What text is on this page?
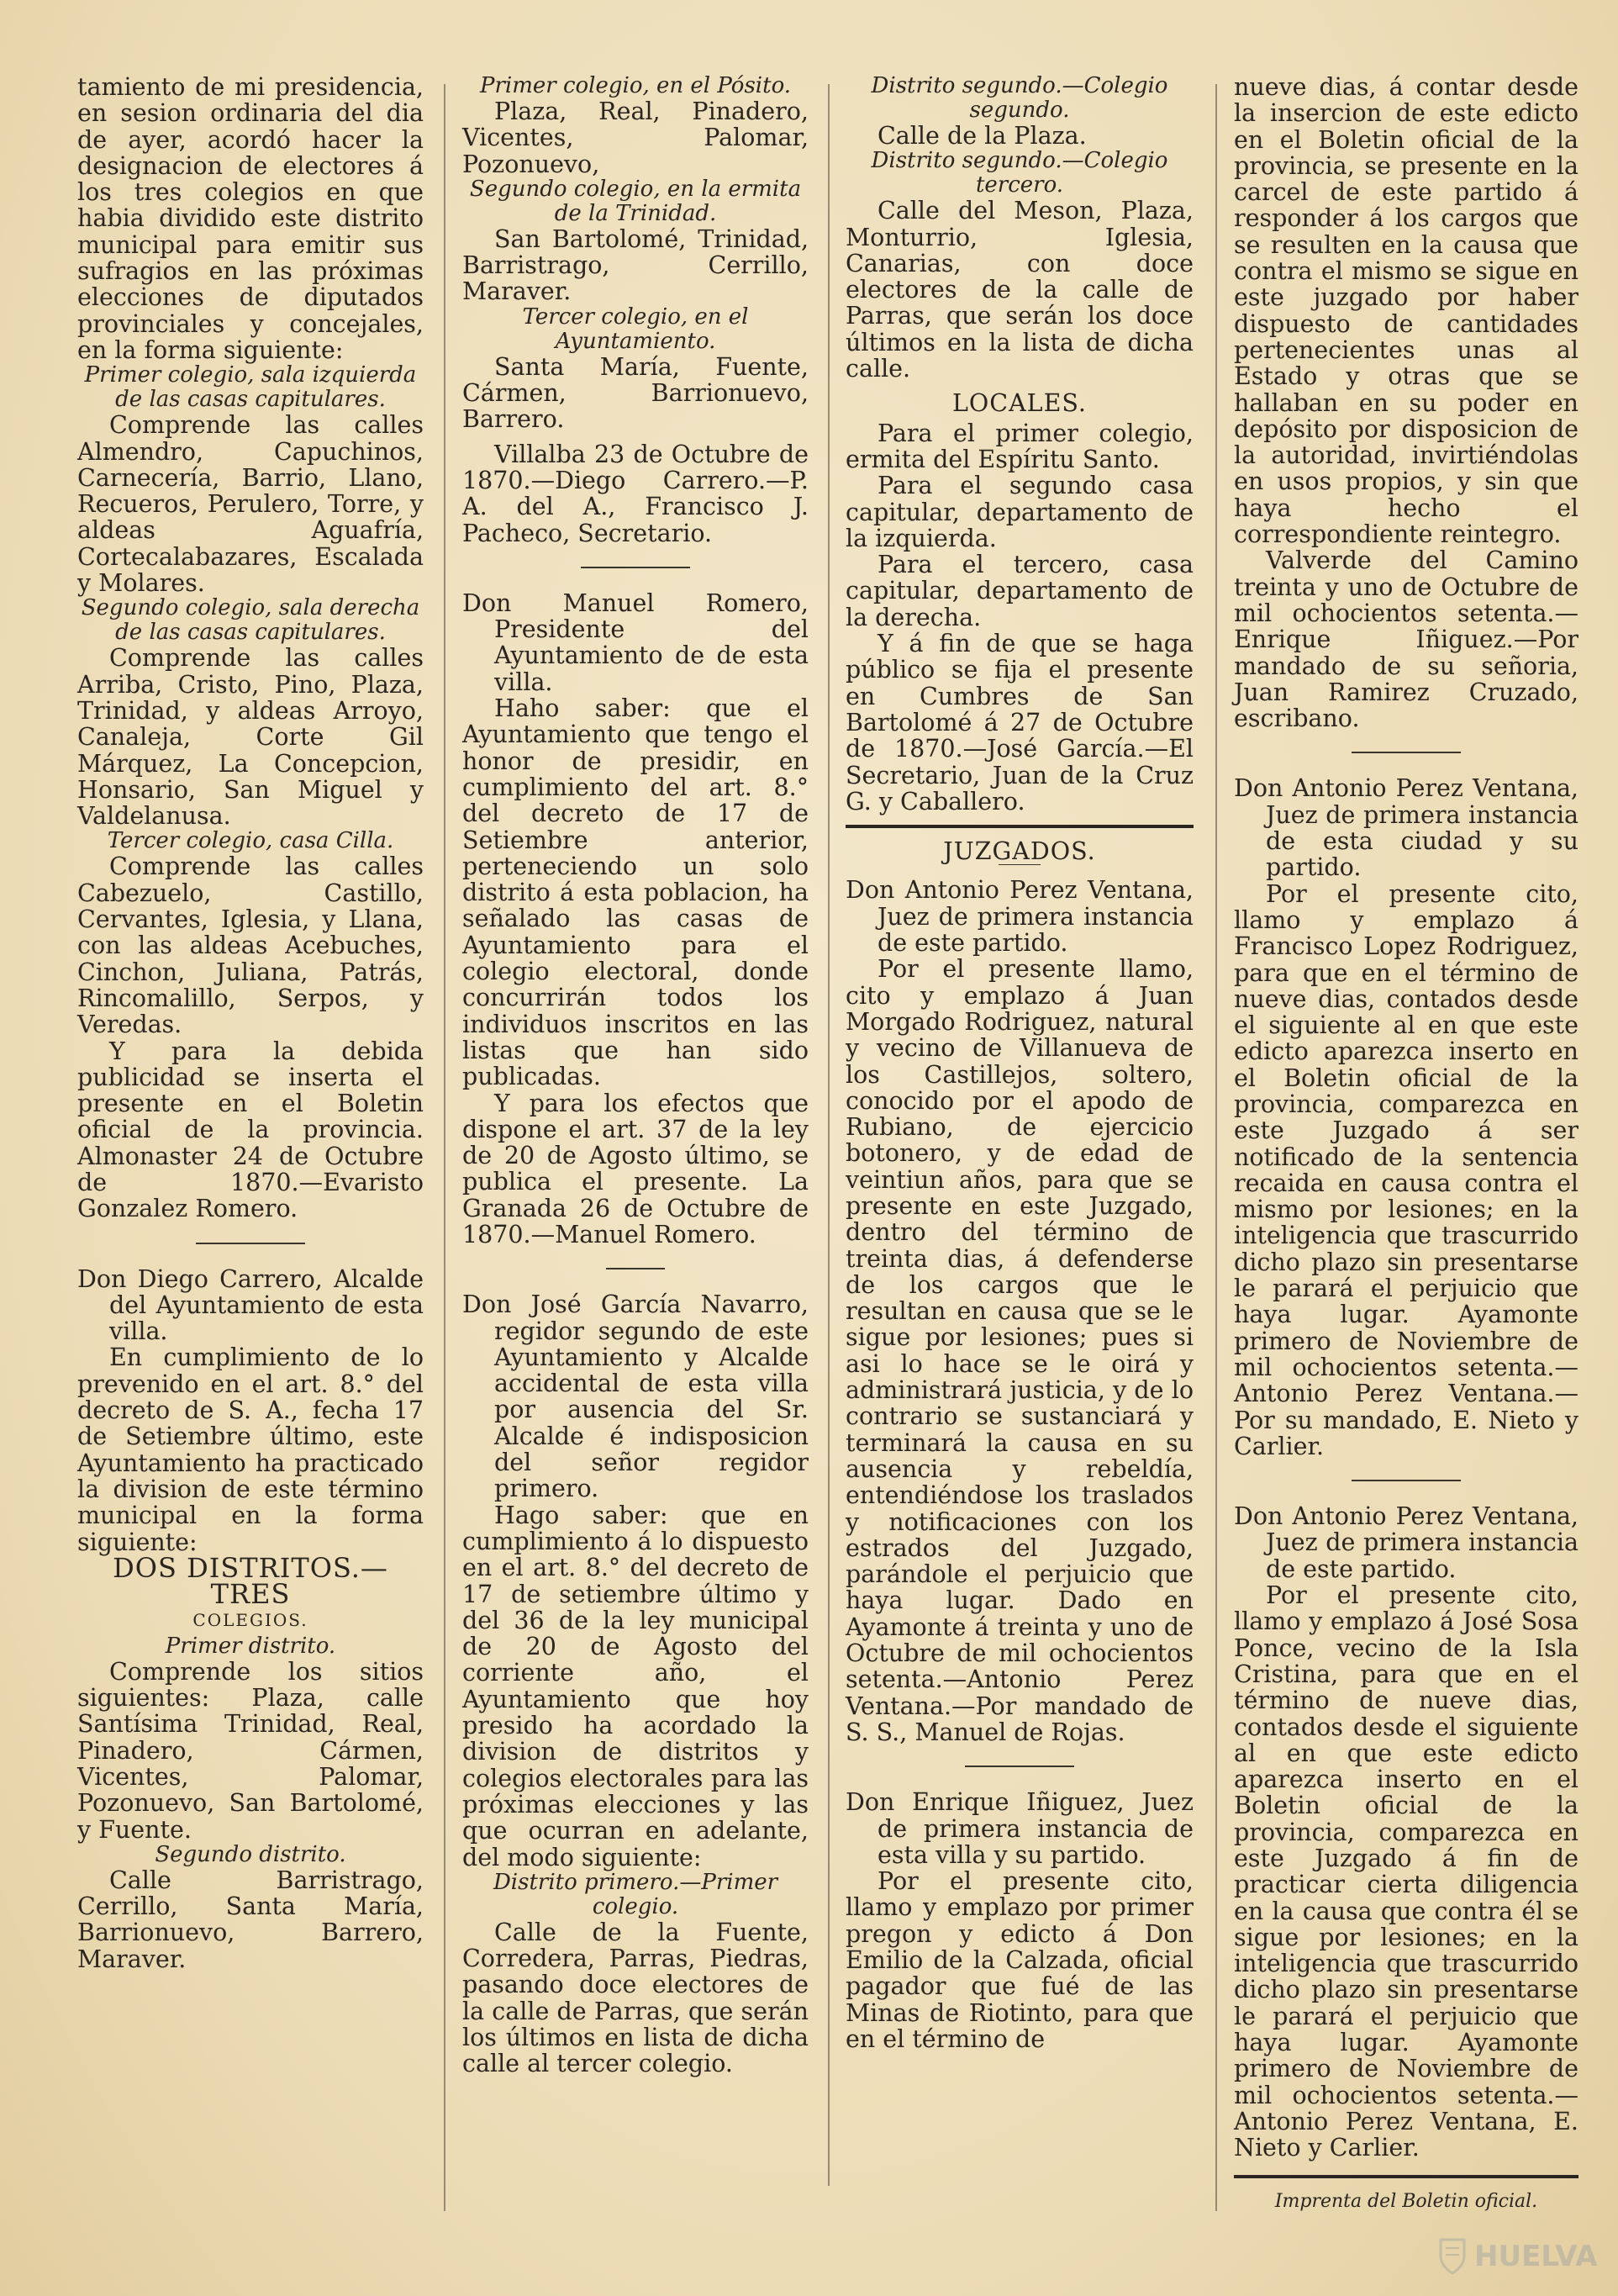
tamiento de mi presidencia, en sesion ordinaria del dia de ayer, acordó hacer la designacion de electores á los tres colegios en que habia dividido este distrito municipal para emitir sus sufragios en las próximas elecciones de diputados provinciales y concejales, en la forma siguiente:

Primer colegio, sala izquierda de las casas capitulares.

Comprende las calles Almendro, Capuchinos, Carnecería, Barrio, Llano, Recueros, Perulero, Torre, y aldeas Aguafría, Cortecalabazares, Escalada y Molares.

Segundo colegio, sala derecha de las casas capitulares.

Comprende las calles Arriba, Cristo, Pino, Plaza, Trinidad, y aldeas Arroyo, Canaleja, Corte Gil Márquez, La Concepcion, Honsario, San Miguel y Valdelanusa.

Tercer colegio, casa Cilla.

Comprende las calles Cabezuelo, Castillo, Cervantes, Iglesia, y Llana, con las aldeas Acebuches, Cinchon, Juliana, Patrás, Rincomalillo, Serpos, y Veredas.

Y para la debida publicidad se inserta el presente en el Boletin oficial de la provincia. Almonaster 24 de Octubre de 1870.—Evaristo Gonzalez Romero.

Don Diego Carrero, Alcalde del Ayuntamiento de esta villa.

En cumplimiento de lo prevenido en el art. 8.° del decreto de S. A., fecha 17 de Setiembre último, este Ayuntamiento ha practicado la division de este término municipal en la forma siguiente:

DOS DISTRITOS.—TRES

COLEGIOS.

Primer distrito.

Comprende los sitios siguientes: Plaza, calle Santísima Trinidad, Real, Pinadero, Cármen, Vicentes, Palomar, Pozonuevo, San Bartolomé, y Fuente.

Segundo distrito.

Calle Barristrago, Cerrillo, Santa María, Barrionuevo, Barrero, Maraver.

Primer colegio, en el Pósito.

Plaza, Real, Pinadero, Vicentes, Palomar, Pozonuevo,

Segundo colegio, en la ermita de la Trinidad.

San Bartolomé, Trinidad, Barristrago, Cerrillo, Maraver.

Tercer colegio, en el Ayuntamiento.

Santa María, Fuente, Cármen, Barrionuevo, Barrero.

Villalba 23 de Octubre de 1870.—Diego Carrero.—P. A. del A., Francisco J. Pacheco, Secretario.

Don Manuel Romero, Presidente del Ayuntamiento de de esta villa.

Haho saber: que el Ayuntamiento que tengo el honor de presidir, en cumplimiento del art. 8.° del decreto de 17 de Setiembre anterior, perteneciendo un solo distrito á esta poblacion, ha señalado las casas de Ayuntamiento para el colegio electoral, donde concurrirán todos los individuos inscritos en las listas que han sido publicadas.

Y para los efectos que dispone el art. 37 de la ley de 20 de Agosto último, se publica el presente. La Granada 26 de Octubre de 1870.—Manuel Romero.

Don José García Navarro, regidor segundo de este Ayuntamiento y Alcalde accidental de esta villa por ausencia del Sr. Alcalde é indisposicion del señor regidor primero.

Hago saber: que en cumplimiento á lo dispuesto en el art. 8.° del decreto de 17 de setiembre último y del 36 de la ley municipal de 20 de Agosto del corriente año, el Ayuntamiento que hoy presido ha acordado la division de distritos y colegios electorales para las próximas elecciones y las que ocurran en adelante, del modo siguiente:

Distrito primero.—Primer colegio.

Calle de la Fuente, Corredera, Parras, Piedras, pasando doce electores de la calle de Parras, que serán los últimos en lista de dicha calle al tercer colegio.

Distrito segundo.—Colegio segundo.

Calle de la Plaza.

Distrito segundo.—Colegio tercero.

Calle del Meson, Plaza, Monturrio, Iglesia, Canarias, con doce electores de la calle de Parras, que serán los doce últimos en la lista de dicha calle.

LOCALES.

Para el primer colegio, ermita del Espíritu Santo.

Para el segundo casa capitular, departamento de la izquierda.

Para el tercero, casa capitular, departamento de la derecha.

Y á fin de que se haga público se fija el presente en Cumbres de San Bartolomé á 27 de Octubre de 1870.—José García.—El Secretario, Juan de la Cruz G. y Caballero.

JUZGADOS.

Don Antonio Perez Ventana, Juez de primera instancia de este partido.

Por el presente llamo, cito y emplazo á Juan Morgado Rodriguez, natural y vecino de Villanueva de los Castillejos, soltero, conocido por el apodo de Rubiano, de ejercicio botonero, y de edad de veintiun años, para que se presente en este Juzgado, dentro del término de treinta dias, á defenderse de los cargos que le resultan en causa que se le sigue por lesiones; pues si asi lo hace se le oirá y administrará justicia, y de lo contrario se sustanciará y terminará la causa en su ausencia y rebeldía, entendiéndose los traslados y notificaciones con los estrados del Juzgado, parándole el perjuicio que haya lugar. Dado en Ayamonte á treinta y uno de Octubre de mil ochocientos setenta.—Antonio Perez Ventana.—Por mandado de S. S., Manuel de Rojas.

Don Enrique Iñiguez, Juez de primera instancia de esta villa y su partido.

Por el presente cito, llamo y emplazo por primer pregon y edicto á Don Emilio de la Calzada, oficial pagador que fué de las Minas de Riotinto, para que en el término de

nueve dias, á contar desde la insercion de este edicto en el Boletin oficial de la provincia, se presente en la carcel de este partido á responder á los cargos que se resulten en la causa que contra el mismo se sigue en este juzgado por haber dispuesto de cantidades pertenecientes unas al Estado y otras que se hallaban en su poder en depósito por disposicion de la autoridad, invirtiéndolas en usos propios, y sin que haya hecho el correspondiente reintegro.

Valverde del Camino treinta y uno de Octubre de mil ochocientos setenta.—Enrique Iñiguez.—Por mandado de su señoria, Juan Ramirez Cruzado, escribano.

Don Antonio Perez Ventana, Juez de primera instancia de esta ciudad y su partido.

Por el presente cito, llamo y emplazo á Francisco Lopez Rodriguez, para que en el término de nueve dias, contados desde el siguiente al en que este edicto aparezca inserto en el Boletin oficial de la provincia, comparezca en este Juzgado á ser notificado de la sentencia recaida en causa contra el mismo por lesiones; en la inteligencia que trascurrido dicho plazo sin presentarse le parará el perjuicio que haya lugar. Ayamonte primero de Noviembre de mil ochocientos setenta.—Antonio Perez Ventana.—Por su mandado, E. Nieto y Carlier.

Don Antonio Perez Ventana, Juez de primera instancia de este partido.

Por el presente cito, llamo y emplazo á José Sosa Ponce, vecino de la Isla Cristina, para que en el término de nueve dias, contados desde el siguiente al en que este edicto aparezca inserto en el Boletin oficial de la provincia, comparezca en este Juzgado á fin de practicar cierta diligencia en la causa que contra él se sigue por lesiones; en la inteligencia que trascurrido dicho plazo sin presentarse le parará el perjuicio que haya lugar. Ayamonte primero de Noviembre de mil ochocientos setenta.—Antonio Perez Ventana, E. Nieto y Carlier.

Imprenta del Boletin oficial.

HUELVA
